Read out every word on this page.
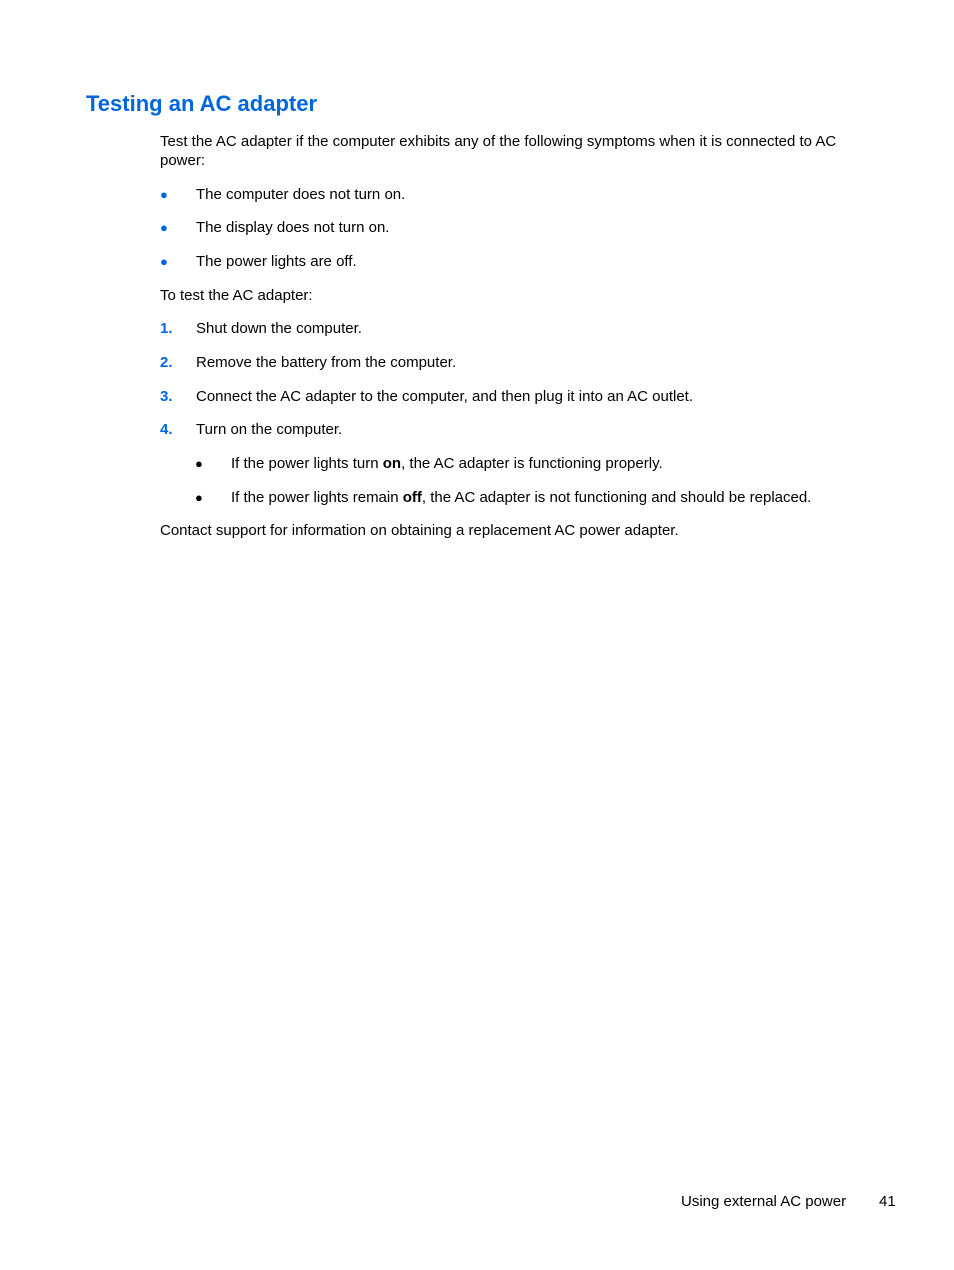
Testing an AC adapter

Test the AC adapter if the computer exhibits any of the following symptoms when it is connected to AC power:

● The computer does not turn on.
● The display does not turn on.
● The power lights are off.

To test the AC adapter:

1. Shut down the computer.
2. Remove the battery from the computer.
3. Connect the AC adapter to the computer, and then plug it into an AC outlet.
4. Turn on the computer.
● If the power lights turn on, the AC adapter is functioning properly.
● If the power lights remain off, the AC adapter is not functioning and should be replaced.

Contact support for information on obtaining a replacement AC power adapter.

Using external AC power 41
